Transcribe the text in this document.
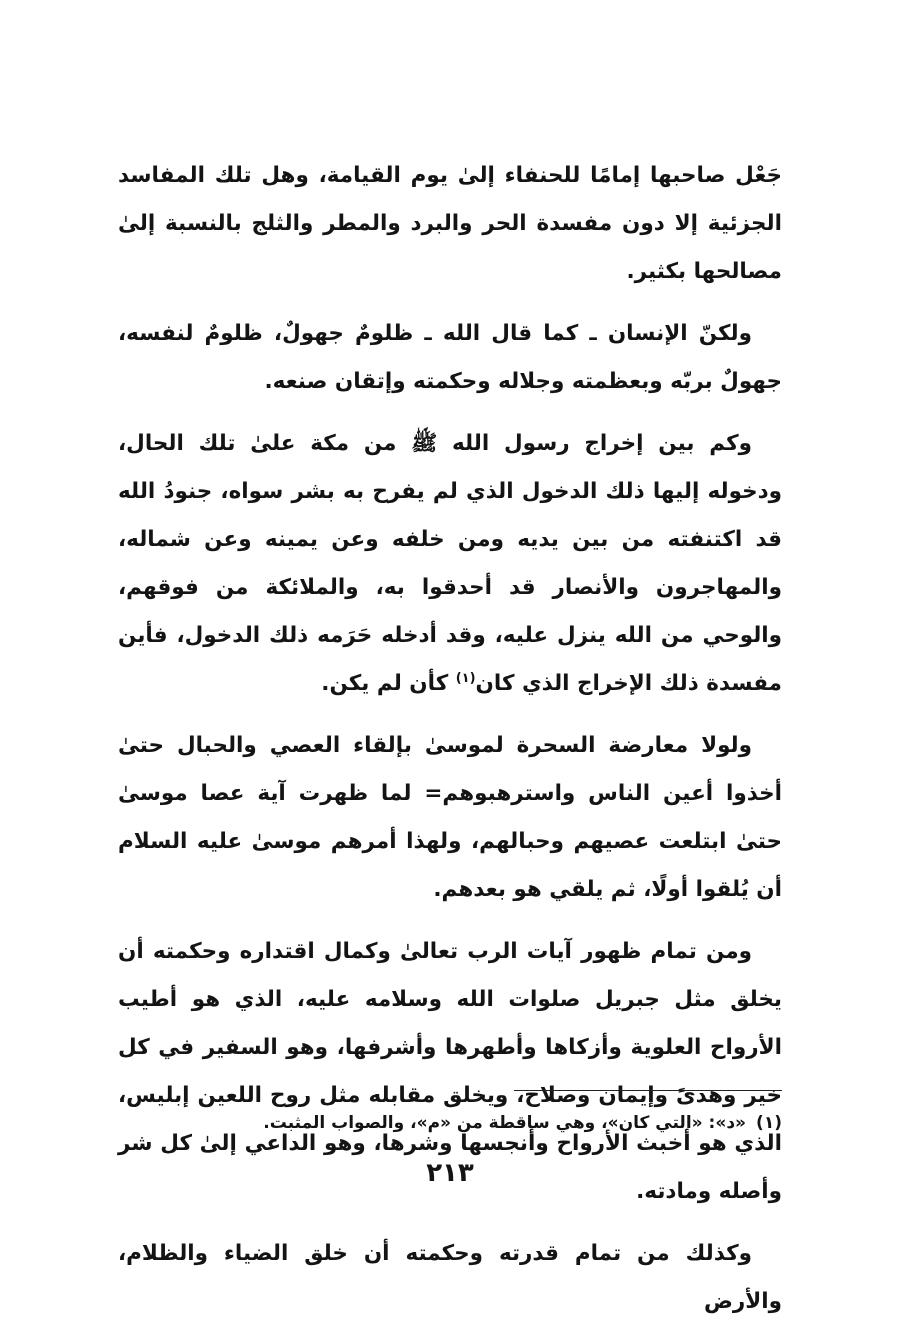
جَعْل صاحبها إمامًا للحنفاء إلىٰ يوم القيامة، وهل تلك المفاسد الجزئية إلا دون مفسدة الحر والبرد والمطر والثلج بالنسبة إلىٰ مصالحها بكثير.

ولكنّ الإنسان ـ كما قال الله ـ ظلومٌ جهولٌ، ظلومٌ لنفسه، جهولٌ بربّه وبعظمته وجلاله وحكمته وإتقان صنعه.

وكم بين إخراج رسول الله ﷺ من مكة علىٰ تلك الحال، ودخوله إليها ذلك الدخول الذي لم يفرح به بشر سواه، جنودُ الله قد اكتنفته من بين يديه ومن خلفه وعن يمينه وعن شماله، والمهاجرون والأنصار قد أحدقوا به، والملائكة من فوقهم، والوحي من الله ينزل عليه، وقد أدخله حَرَمه ذلك الدخول، فأين مفسدة ذلك الإخراج الذي كان$^{(١)}$ كأن لم يكن.

ولولا معارضة السحرة لموسىٰ بإلقاء العصي والحبال حتىٰ أخذوا أعين الناس واسترهبوهم= لما ظهرت آية عصا موسىٰ حتىٰ ابتلعت عصيهم وحبالهم، ولهذا أمرهم موسىٰ عليه السلام أن يُلقوا أولًا، ثم يلقي هو بعدهم.

ومن تمام ظهور آيات الرب تعالىٰ وكمال اقتداره وحكمته أن يخلق مثل جبريل صلوات الله وسلامه عليه، الذي هو أطيب الأرواح العلوية وأزكاها وأطهرها وأشرفها، وهو السفير في كل خير وهدىً وإيمان وصلاح، ويخلق مقابله مثل روح اللعين إبليس، الذي هو أخبث الأرواح وأنجسها وشرها، وهو الداعي إلىٰ كل شر وأصله ومادته.

وكذلك من تمام قدرته وحكمته أن خلق الضياء والظلام، والأرض

(١)«د»: «التي كان»، وهي ساقطة من «م»، والصواب المثبت.

٢١٣
